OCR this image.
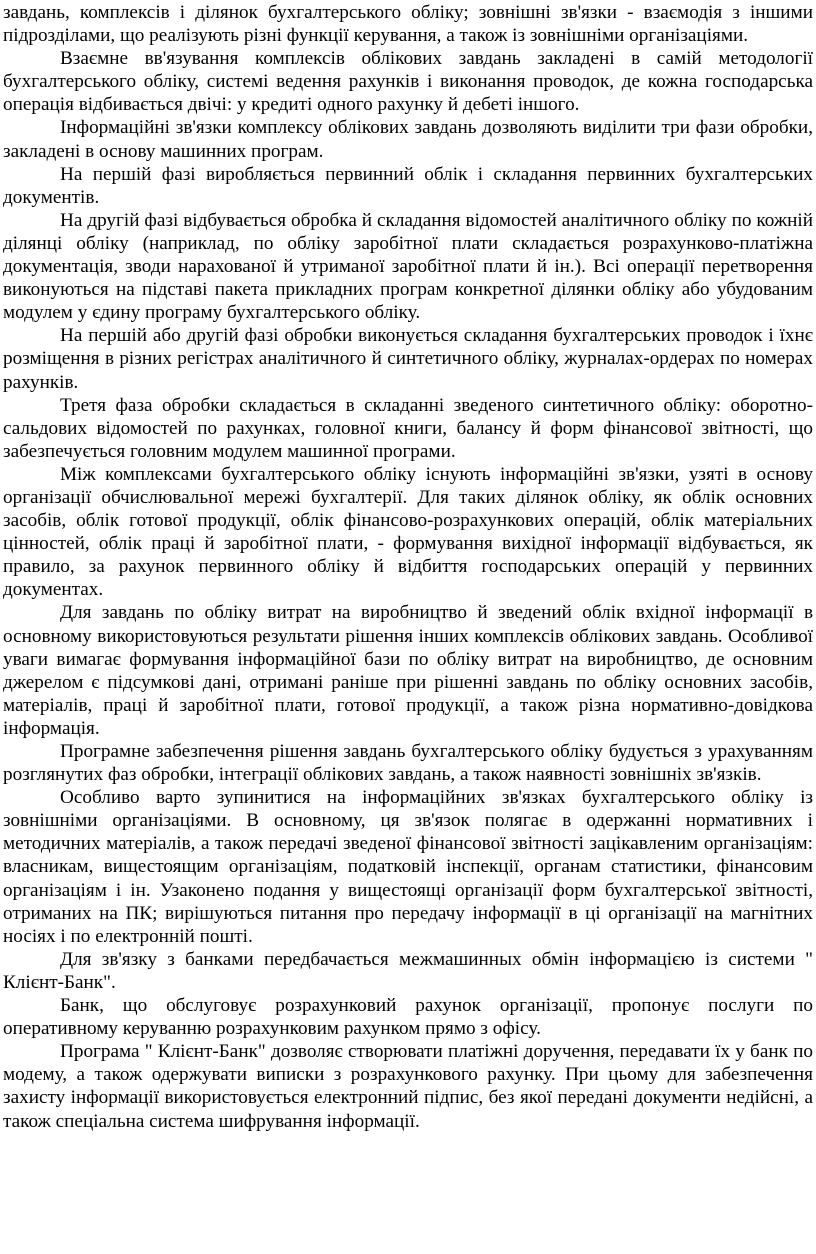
завдань, комплексів і ділянок бухгалтерського обліку; зовнішні зв'язки - взаємодія з іншими підрозділами, що реалізують різні функції керування, а також із зовнішніми організаціями.

Взаємне вв'язування комплексів облікових завдань закладені в самій методології бухгалтерського обліку, системі ведення рахунків і виконання проводок, де кожна господарська операція відбивається двічі: у кредиті одного рахунку й дебеті іншого.

Інформаційні зв'язки комплексу облікових завдань дозволяють виділити три фази обробки, закладені в основу машинних програм.

На першій фазі виробляється первинний облік і складання первинних бухгалтерських документів.

На другій фазі відбувається обробка й складання відомостей аналітичного обліку по кожній ділянці обліку (наприклад, по обліку заробітної плати складається розрахунково-платіжна документація, зводи нарахованої й утриманої заробітної плати й ін.). Всі операції перетворення виконуються на підставі пакета прикладних програм конкретної ділянки обліку або убудованим модулем у єдину програму бухгалтерського обліку.

На першій або другій фазі обробки виконується складання бухгалтерських проводок і їхнє розміщення в різних регістрах аналітичного й синтетичного обліку, журналах-ордерах по номерах рахунків.

Третя фаза обробки складається в складанні зведеного синтетичного обліку: оборотно- сальдових відомостей по рахунках, головної книги, балансу й форм фінансової звітності, що забезпечується головним модулем машинної програми.

Між комплексами бухгалтерського обліку існують інформаційні зв'язки, узяті в основу організації обчислювальної мережі бухгалтерії. Для таких ділянок обліку, як облік основних засобів, облік готової продукції, облік фінансово-розрахункових операцій, облік матеріальних цінностей, облік праці й заробітної плати, - формування вихідної інформації відбувається, як правило, за рахунок первинного обліку й відбиття господарських операцій у первинних документах.

Для завдань по обліку витрат на виробництво й зведений облік вхідної інформації в основному використовуються результати рішення інших комплексів облікових завдань. Особливої уваги вимагає формування інформаційної бази по обліку витрат на виробництво, де основним джерелом є підсумкові дані, отримані раніше при рішенні завдань по обліку основних засобів, матеріалів, праці й заробітної плати, готової продукції, а також різна нормативно-довідкова інформація.

Програмне забезпечення рішення завдань бухгалтерського обліку будується з урахуванням розглянутих фаз обробки, інтеграції облікових завдань, а також наявності зовнішніх зв'язків.

Особливо варто зупинитися на інформаційних зв'язках бухгалтерського обліку із зовнішніми організаціями. В основному, ця зв'язок полягає в одержанні нормативних і методичних матеріалів, а також передачі зведеної фінансової звітності зацікавленим організаціям: власникам, вищестоящим організаціям, податковій інспекції, органам статистики, фінансовим організаціям і ін. Узаконено подання у вищестоящі організації форм бухгалтерської звітності, отриманих на ПК; вирішуються питання про передачу інформації в ці організації на магнітних носіях і по електронній пошті.

Для зв'язку з банками передбачається межмашинных обмін інформацією із системи " Клієнт-Банк".

Банк, що обслуговує розрахунковий рахунок організації, пропонує послуги по оперативному керуванню розрахунковим рахунком прямо з офісу.

Програма " Клієнт-Банк" дозволяє створювати платіжні доручення, передавати їх у банк по модему, а також одержувати виписки з розрахункового рахунку. При цьому для забезпечення захисту інформації використовується електронний підпис, без якої передані документи недійсні, а також спеціальна система шифрування інформації.
